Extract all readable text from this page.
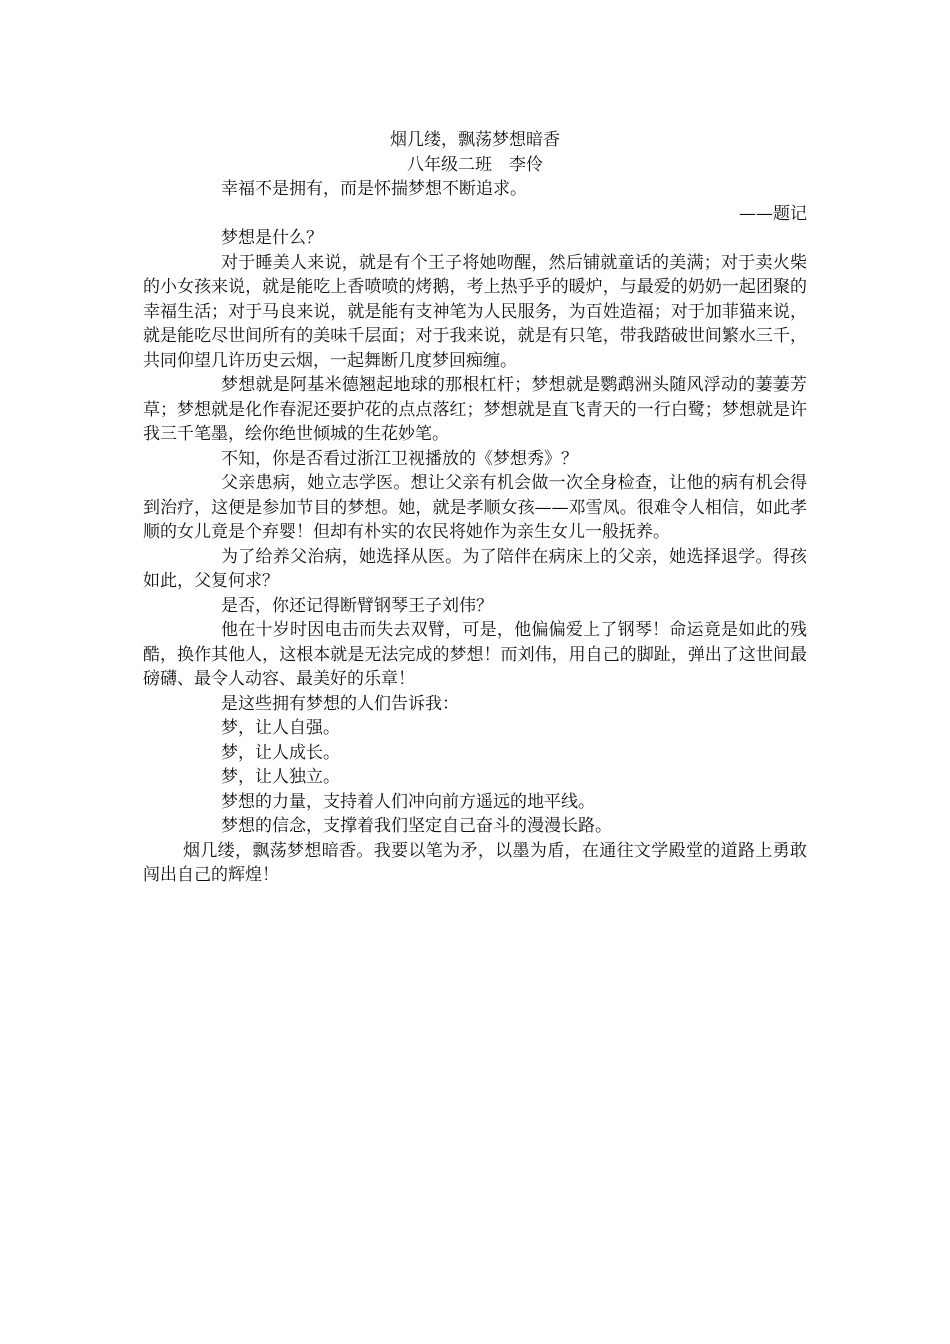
烟几缕，飘荡梦想暗香

八年级二班　李伶

幸福不是拥有，而是怀揣梦想不断追求。

——题记

梦想是什么？

对于睡美人来说，就是有个王子将她吻醒，然后铺就童话的美满；对于卖火柴的小女孩来说，就是能吃上香喷喷的烤鹅，考上热乎乎的暖炉，与最爱的奶奶一起团聚的幸福生活；对于马良来说，就是能有支神笔为人民服务，为百姓造福；对于加菲猫来说，就是能吃尽世间所有的美味千层面；对于我来说，就是有只笔，带我踏破世间繁水三千，共同仰望几许历史云烟，一起舞断几度梦回痴缠。

梦想就是阿基米德翘起地球的那根杠杆；梦想就是鹦鹉洲头随风浮动的萋萋芳草；梦想就是化作春泥还要护花的点点落红；梦想就是直飞青天的一行白鹭；梦想就是许我三千笔墨，绘你绝世倾城的生花妙笔。

不知，你是否看过浙江卫视播放的《梦想秀》？

父亲患病，她立志学医。想让父亲有机会做一次全身检查，让他的病有机会得到治疗，这便是参加节目的梦想。她，就是孝顺女孩——邓雪凤。很难令人相信，如此孝顺的女儿竟是个弃婴！但却有朴实的农民将她作为亲生女儿一般抚养。

为了给养父治病，她选择从医。为了陪伴在病床上的父亲，她选择退学。得孩如此，父复何求？

是否，你还记得断臂钢琴王子刘伟？

他在十岁时因电击而失去双臂，可是，他偏偏爱上了钢琴！命运竟是如此的残酷，换作其他人，这根本就是无法完成的梦想！而刘伟，用自己的脚趾，弹出了这世间最磅礴、最令人动容、最美好的乐章！

是这些拥有梦想的人们告诉我：

梦，让人自强。

梦，让人成长。

梦，让人独立。

梦想的力量，支持着人们冲向前方遥远的地平线。

梦想的信念，支撑着我们坚定自己奋斗的漫漫长路。

烟几缕，飘荡梦想暗香。我要以笔为矛，以墨为盾，在通往文学殿堂的道路上勇敢闯出自己的辉煌！
